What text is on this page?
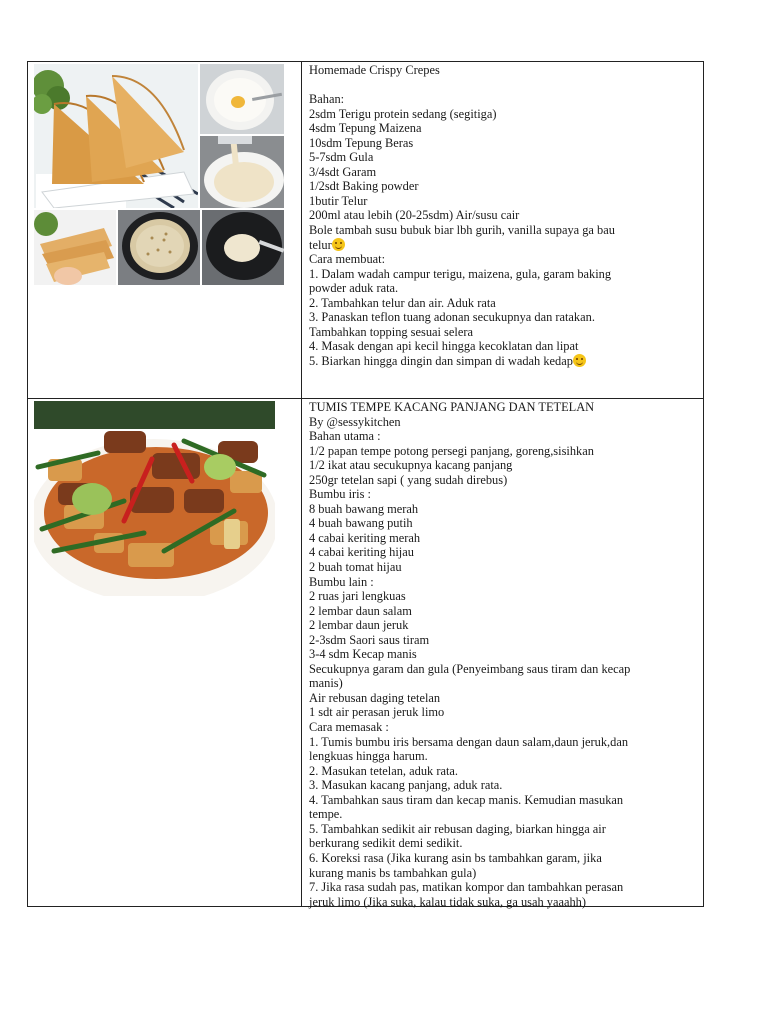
Homemade Crispy Crepes
Bahan:
2sdm Terigu protein sedang (segitiga)
4sdm Tepung Maizena
10sdm Tepung Beras
5-7sdm Gula
3/4sdt Garam
1/2sdt Baking powder
1butir Telur
200ml atau lebih (20-25sdm) Air/susu cair
Bole tambah susu bubuk biar lbh gurih, vanilla supaya ga bau
telur
Cara membuat:
1. Dalam wadah campur terigu, maizena, gula, garam baking
powder aduk rata.
2. Tambahkan telur dan air. Aduk rata
3. Panaskan teflon tuang adonan secukupnya dan ratakan.
Tambahkan topping sesuai selera
4. Masak dengan api kecil hingga kecoklatan dan lipat
5. Biarkan hingga dingin dan simpan di wadah kedap
TUMIS TEMPE KACANG PANJANG DAN TETELAN
By @sessykitchen
Bahan utama :
1/2 papan tempe potong persegi panjang, goreng,sisihkan
1/2 ikat atau secukupnya kacang panjang
250gr tetelan sapi ( yang sudah direbus)
Bumbu iris :
8 buah bawang merah
4 buah bawang putih
4 cabai keriting merah
4 cabai keriting hijau
2 buah tomat hijau
Bumbu lain :
2 ruas jari lengkuas
2 lembar daun salam
2 lembar daun jeruk
2-3sdm Saori saus tiram
3-4 sdm Kecap manis
Secukupnya garam dan gula (Penyeimbang saus tiram dan kecap
manis)
Air rebusan daging tetelan
1 sdt air perasan jeruk limo
Cara memasak :
1. Tumis bumbu iris bersama dengan daun salam,daun jeruk,dan
lengkuas hingga harum.
2. Masukan tetelan, aduk rata.
3. Masukan kacang panjang, aduk rata.
4. Tambahkan saus tiram dan kecap manis. Kemudian masukan
tempe.
5. Tambahkan sedikit air rebusan daging, biarkan hingga air
berkurang sedikit demi sedikit.
6. Koreksi rasa (Jika kurang asin bs tambahkan garam, jika
kurang manis bs tambahkan gula)
7. Jika rasa sudah pas, matikan kompor dan tambahkan perasan
jeruk limo (Jika suka, kalau tidak suka, ga usah yaaahh)
